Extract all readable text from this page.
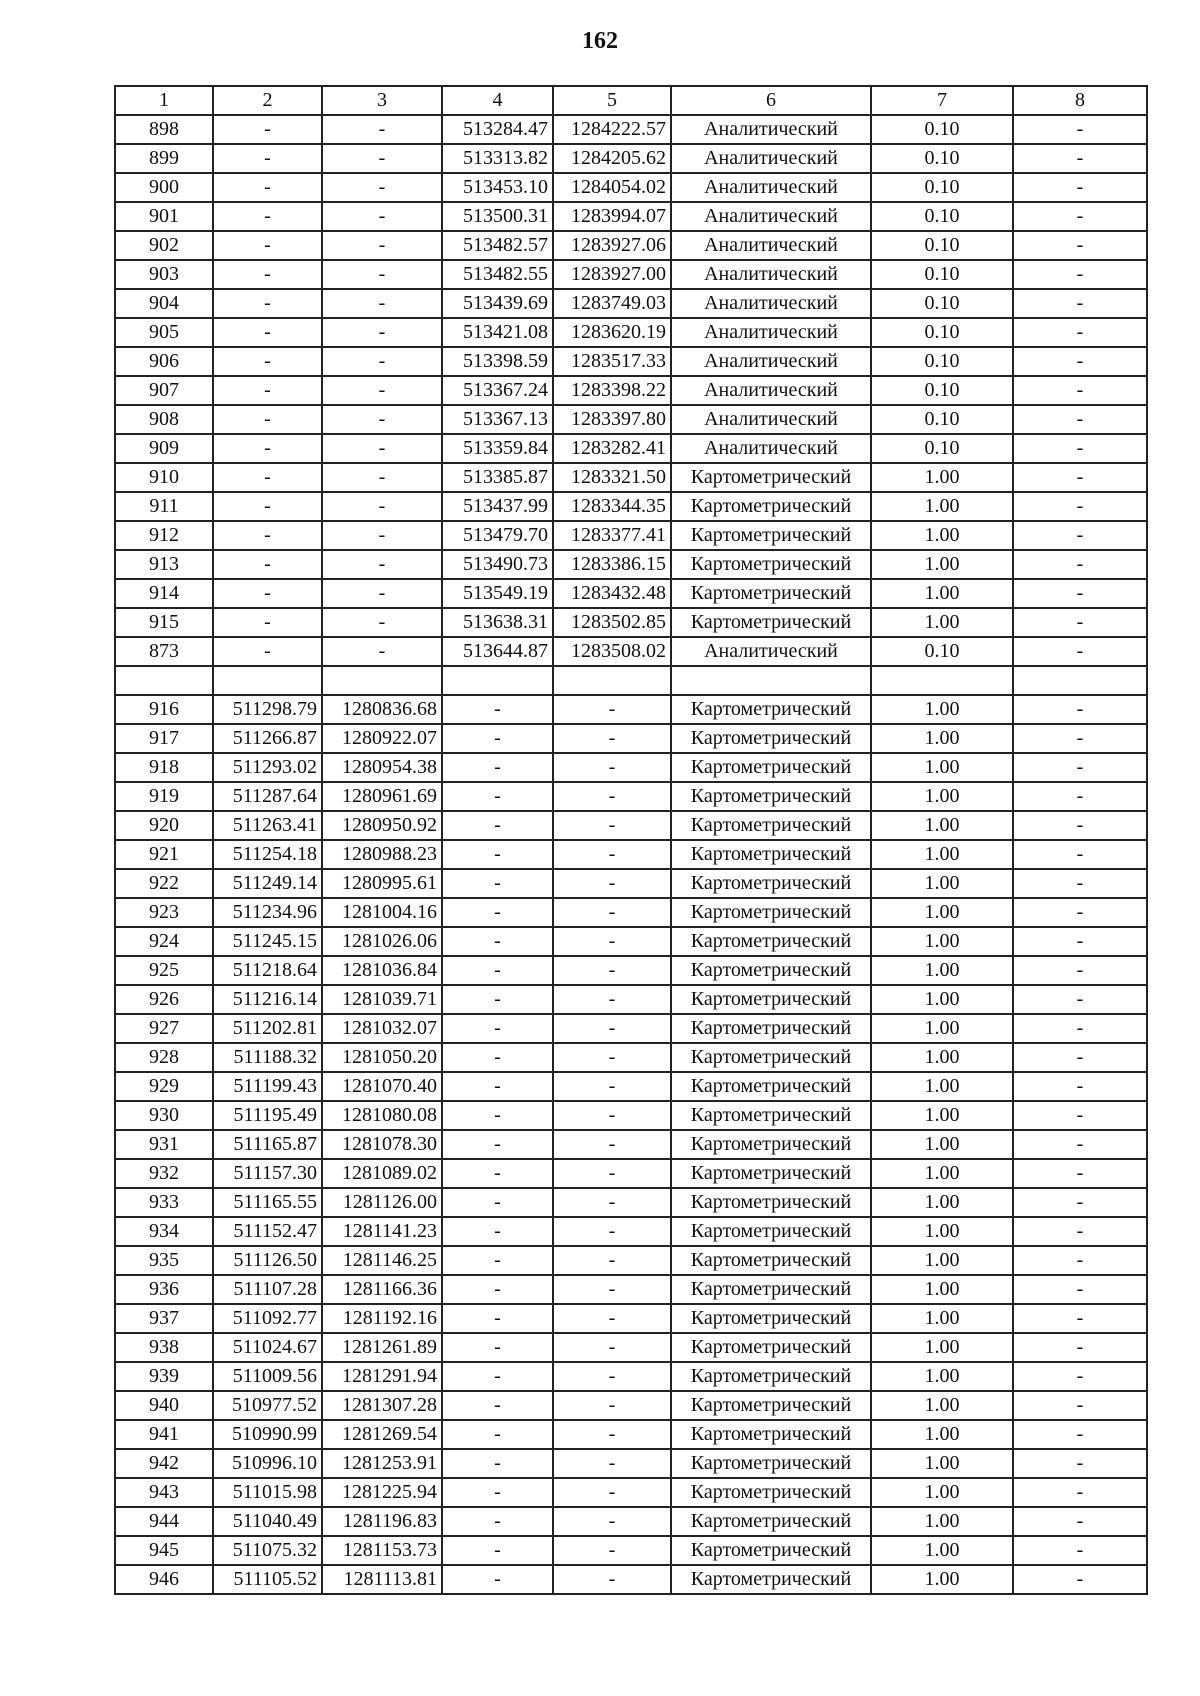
162
1	2	3	4	5	6	7	8
898	-	-	513284.47	1284222.57	Аналитический	0.10	-
899	-	-	513313.82	1284205.62	Аналитический	0.10	-
900	-	-	513453.10	1284054.02	Аналитический	0.10	-
901	-	-	513500.31	1283994.07	Аналитический	0.10	-
902	-	-	513482.57	1283927.06	Аналитический	0.10	-
903	-	-	513482.55	1283927.00	Аналитический	0.10	-
904	-	-	513439.69	1283749.03	Аналитический	0.10	-
905	-	-	513421.08	1283620.19	Аналитический	0.10	-
906	-	-	513398.59	1283517.33	Аналитический	0.10	-
907	-	-	513367.24	1283398.22	Аналитический	0.10	-
908	-	-	513367.13	1283397.80	Аналитический	0.10	-
909	-	-	513359.84	1283282.41	Аналитический	0.10	-
910	-	-	513385.87	1283321.50	Картометрический	1.00	-
911	-	-	513437.99	1283344.35	Картометрический	1.00	-
912	-	-	513479.70	1283377.41	Картометрический	1.00	-
913	-	-	513490.73	1283386.15	Картометрический	1.00	-
914	-	-	513549.19	1283432.48	Картометрический	1.00	-
915	-	-	513638.31	1283502.85	Картометрический	1.00	-
873	-	-	513644.87	1283508.02	Аналитический	0.10	-

916	511298.79	1280836.68	-	-	Картометрический	1.00	-
917	511266.87	1280922.07	-	-	Картометрический	1.00	-
918	511293.02	1280954.38	-	-	Картометрический	1.00	-
919	511287.64	1280961.69	-	-	Картометрический	1.00	-
920	511263.41	1280950.92	-	-	Картометрический	1.00	-
921	511254.18	1280988.23	-	-	Картометрический	1.00	-
922	511249.14	1280995.61	-	-	Картометрический	1.00	-
923	511234.96	1281004.16	-	-	Картометрический	1.00	-
924	511245.15	1281026.06	-	-	Картометрический	1.00	-
925	511218.64	1281036.84	-	-	Картометрический	1.00	-
926	511216.14	1281039.71	-	-	Картометрический	1.00	-
927	511202.81	1281032.07	-	-	Картометрический	1.00	-
928	511188.32	1281050.20	-	-	Картометрический	1.00	-
929	511199.43	1281070.40	-	-	Картометрический	1.00	-
930	511195.49	1281080.08	-	-	Картометрический	1.00	-
931	511165.87	1281078.30	-	-	Картометрический	1.00	-
932	511157.30	1281089.02	-	-	Картометрический	1.00	-
933	511165.55	1281126.00	-	-	Картометрический	1.00	-
934	511152.47	1281141.23	-	-	Картометрический	1.00	-
935	511126.50	1281146.25	-	-	Картометрический	1.00	-
936	511107.28	1281166.36	-	-	Картометрический	1.00	-
937	511092.77	1281192.16	-	-	Картометрический	1.00	-
938	511024.67	1281261.89	-	-	Картометрический	1.00	-
939	511009.56	1281291.94	-	-	Картометрический	1.00	-
940	510977.52	1281307.28	-	-	Картометрический	1.00	-
941	510990.99	1281269.54	-	-	Картометрический	1.00	-
942	510996.10	1281253.91	-	-	Картометрический	1.00	-
943	511015.98	1281225.94	-	-	Картометрический	1.00	-
944	511040.49	1281196.83	-	-	Картометрический	1.00	-
945	511075.32	1281153.73	-	-	Картометрический	1.00	-
946	511105.52	1281113.81	-	-	Картометрический	1.00	-
